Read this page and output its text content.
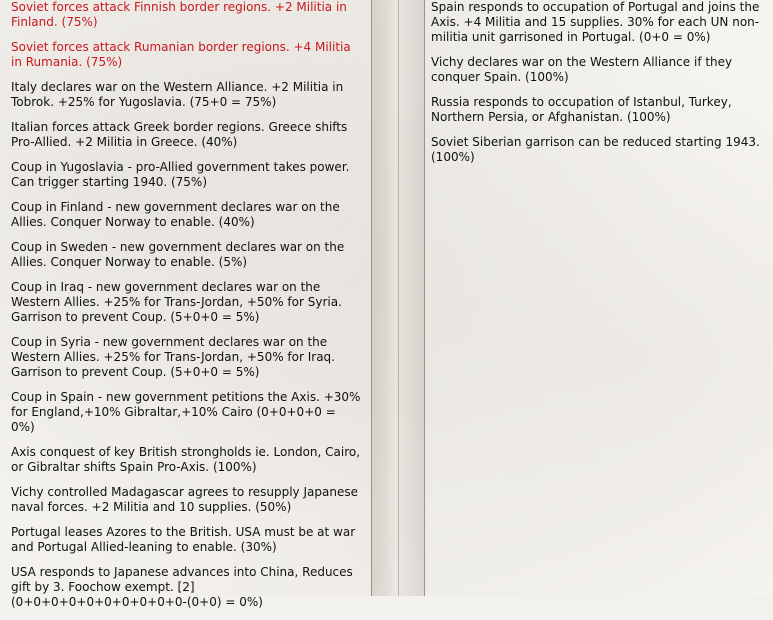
Soviet forces attack Finnish border regions. +2 Militia in Finland. (75%)
Soviet forces attack Rumanian border regions. +4 Militia in Rumania. (75%)
Italy declares war on the Western Alliance. +2 Militia in Tobrok. +25% for Yugoslavia. (75+0 = 75%)
Italian forces attack Greek border regions. Greece shifts Pro-Allied. +2 Militia in Greece. (40%)
Coup in Yugoslavia - pro-Allied government takes power. Can trigger starting 1940. (75%)
Coup in Finland - new government declares war on the Allies. Conquer Norway to enable. (40%)
Coup in Sweden - new government declares war on the Allies. Conquer Norway to enable. (5%)
Coup in Iraq - new government declares war on the Western Allies. +25% for Trans-Jordan, +50% for Syria. Garrison to prevent Coup. (5+0+0 = 5%)
Coup in Syria - new government declares war on the Western Allies. +25% for Trans-Jordan, +50% for Iraq. Garrison to prevent Coup. (5+0+0 = 5%)
Coup in Spain - new government petitions the Axis. +30% for England,+10% Gibraltar,+10% Cairo (0+0+0+0 = 0%)
Axis conquest of key British strongholds ie. London, Cairo, or Gibraltar shifts Spain Pro-Axis. (100%)
Vichy controlled Madagascar agrees to resupply Japanese naval forces. +2 Militia and 10 supplies. (50%)
Portugal leases Azores to the British. USA must be at war and Portugal Allied-leaning to enable. (30%)
USA responds to Japanese advances into China, Reduces gift by 3. Foochow exempt. [2] (0+0+0+0+0+0+0+0+0+0-(0+0) = 0%)
Spain responds to occupation of Portugal and joins the Axis. +4 Militia and 15 supplies. 30% for each UN non-militia unit garrisoned in Portugal. (0+0 = 0%)
Vichy declares war on the Western Alliance if they conquer Spain. (100%)
Russia responds to occupation of Istanbul, Turkey, Northern Persia, or Afghanistan. (100%)
Soviet Siberian garrison can be reduced starting 1943. (100%)
